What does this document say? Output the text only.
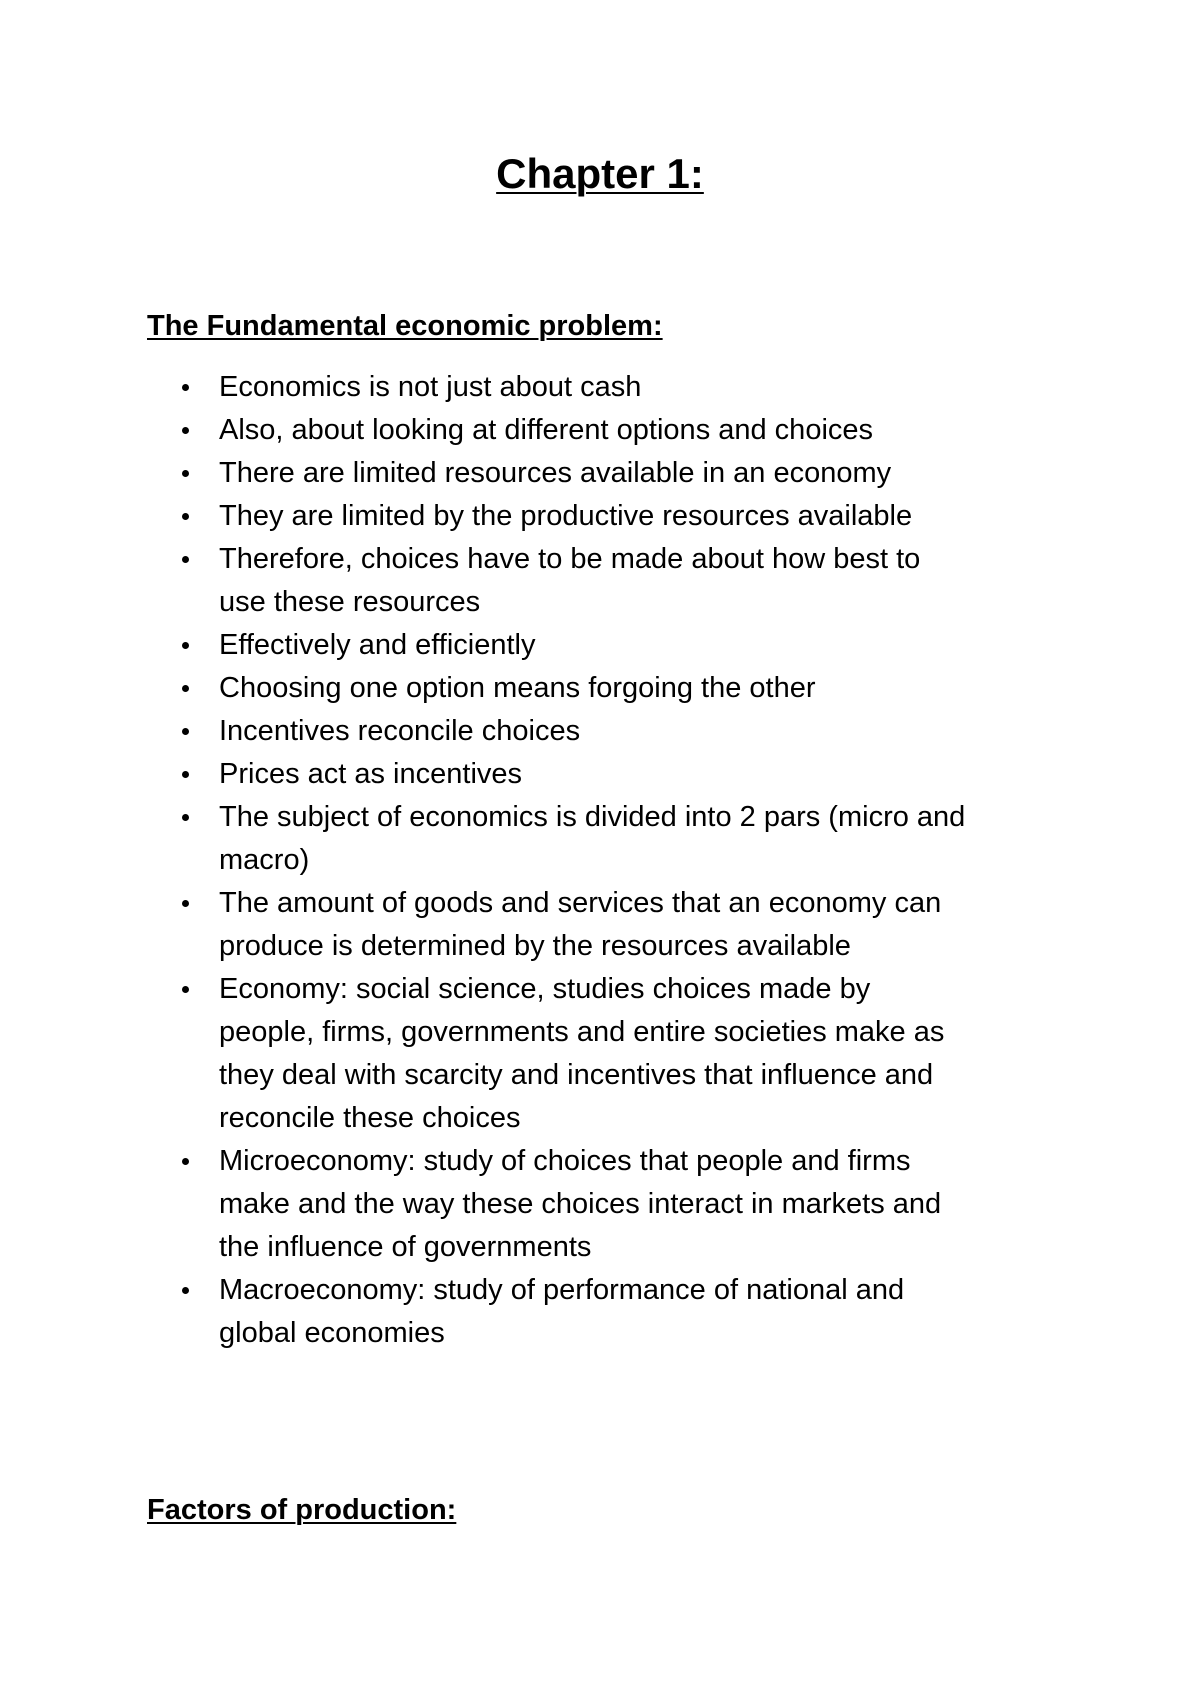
Chapter 1:
The Fundamental economic problem:
Economics is not just about cash
Also, about looking at different options and choices
There are limited resources available in an economy
They are limited by the productive resources available
Therefore, choices have to be made about how best to
use these resources
Effectively and efficiently
Choosing one option means forgoing the other
Incentives reconcile choices
Prices act as incentives
The subject of economics is divided into 2 pars (micro and
macro)
The amount of goods and services that an economy can
produce is determined by the resources available
Economy: social science, studies choices made by
people, firms, governments and entire societies make as
they deal with scarcity and incentives that influence and
reconcile these choices
Microeconomy: study of choices that people and firms
make and the way these choices interact in markets and
the influence of governments
Macroeconomy: study of performance of national and
global economies
Factors of production:
